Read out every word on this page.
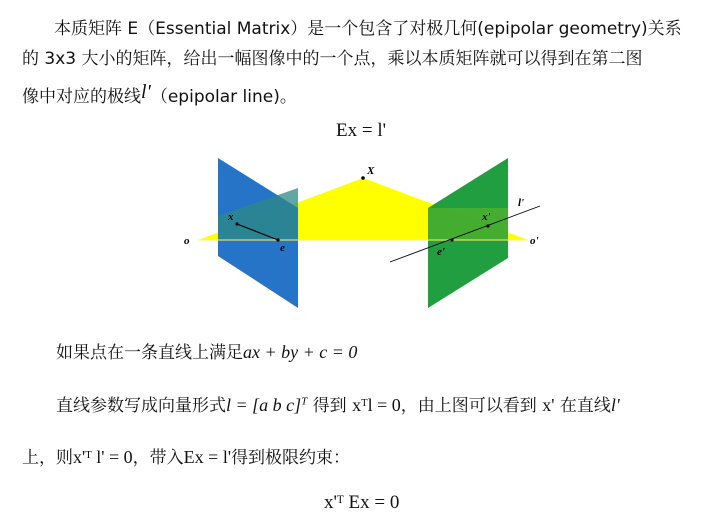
本质矩阵 E（Essential Matrix）是一个包含了对极几何(epipolar geometry)关系
的 3x3 大小的矩阵，给出一幅图像中的一个点，乘以本质矩阵就可以得到在第二图
像中对应的极线l'（epipolar line)。
Ex = l'
X
x
e
x'
e'
l'
o	o'
如果点在一条直线上满足ax + by + c = 0
直线参数写成向量形式l = [a b c]$^T$ 得到 xᵀl = 0，由上图可以看到 x' 在直线l'
上，则x'ᵀ l' = 0，带入Ex = l'得到极限约束：
x'ᵀ Ex = 0
